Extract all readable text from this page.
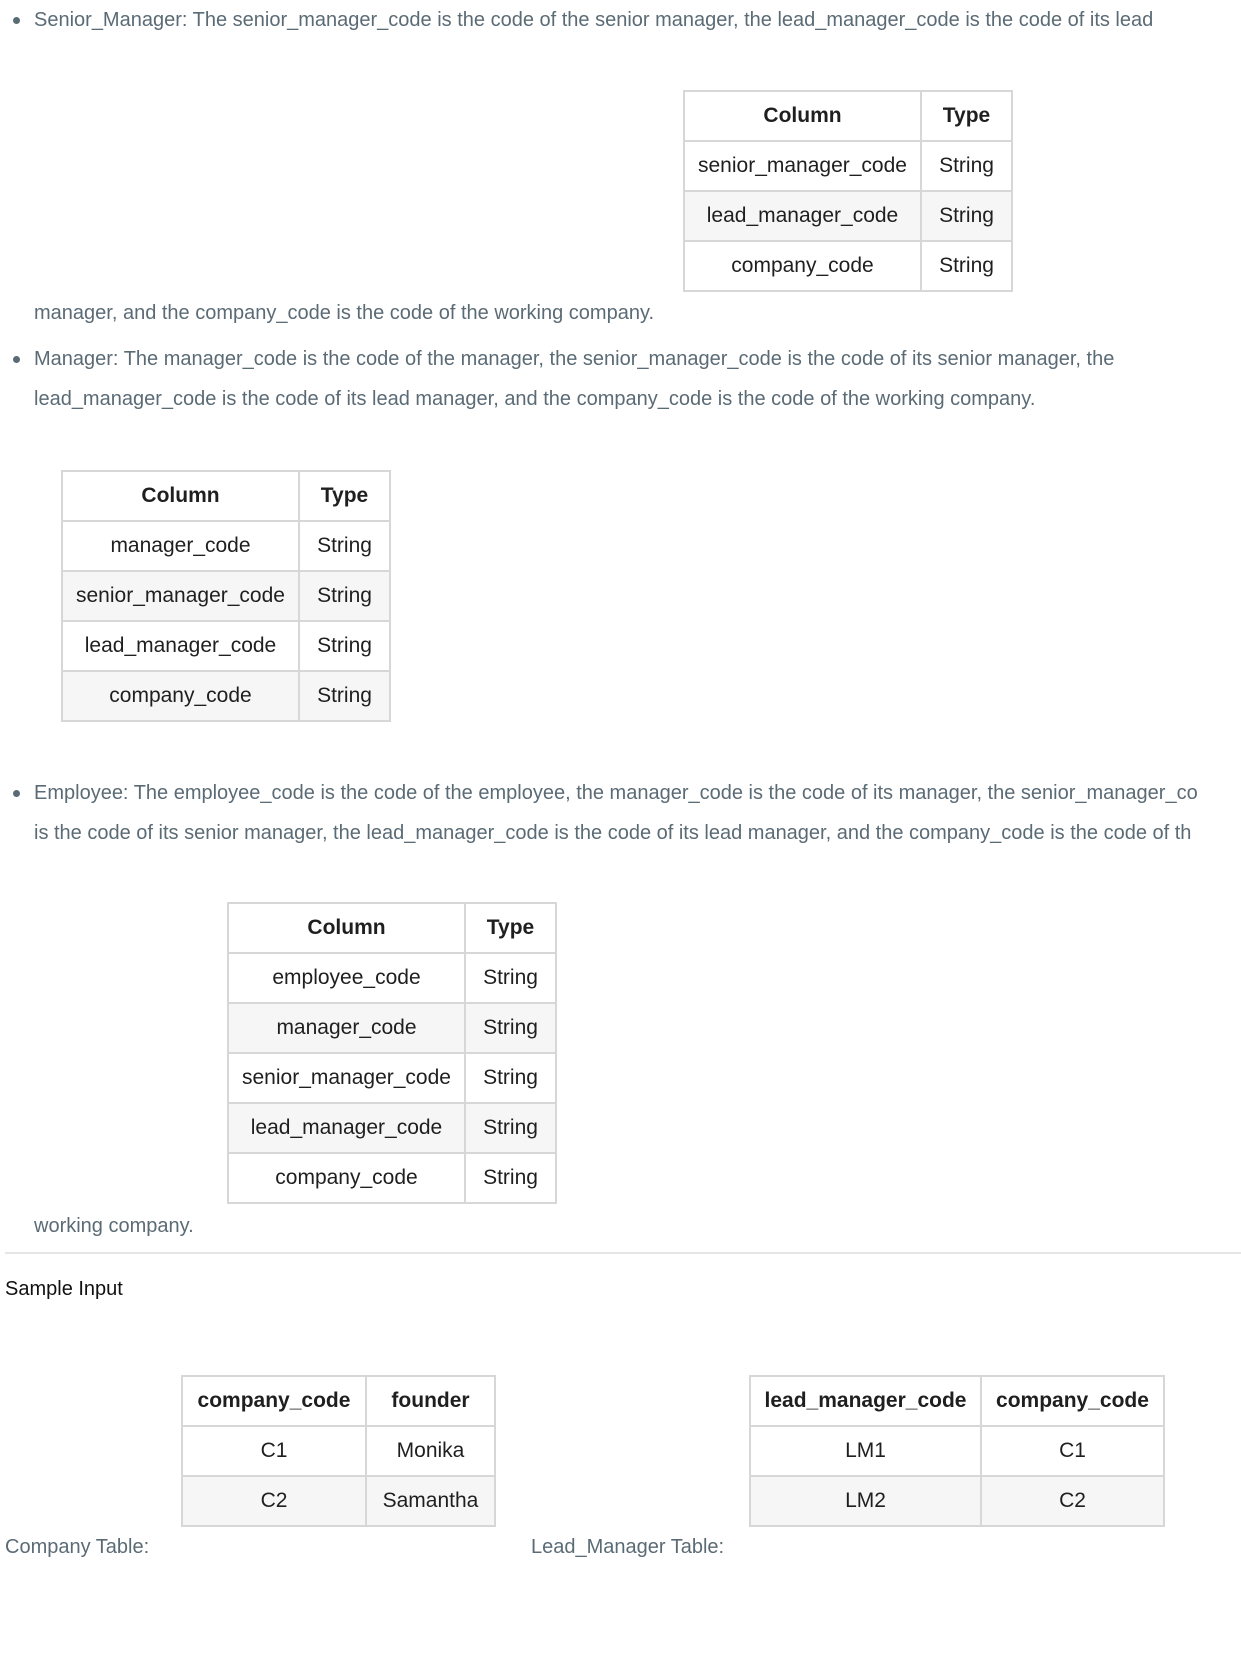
Senior_Manager: The senior_manager_code is the code of the senior manager, the lead_manager_code is the code of its lead
Column	Type
senior_manager_code	String
lead_manager_code	String
company_code	String
manager, and the company_code is the code of the working company.
Manager: The manager_code is the code of the manager, the senior_manager_code is the code of its senior manager, the
lead_manager_code is the code of its lead manager, and the company_code is the code of the working company.
Column	Type
manager_code	String
senior_manager_code	String
lead_manager_code	String
company_code	String
Employee: The employee_code is the code of the employee, the manager_code is the code of its manager, the senior_manager_co
is the code of its senior manager, the lead_manager_code is the code of its lead manager, and the company_code is the code of th
Column	Type
employee_code	String
manager_code	String
senior_manager_code	String
lead_manager_code	String
company_code	String
working company.
Sample Input
company_code	founder
C1	Monika
C2	Samantha
lead_manager_code	company_code
LM1	C1
LM2	C2
Company Table:	Lead_Manager Table:
